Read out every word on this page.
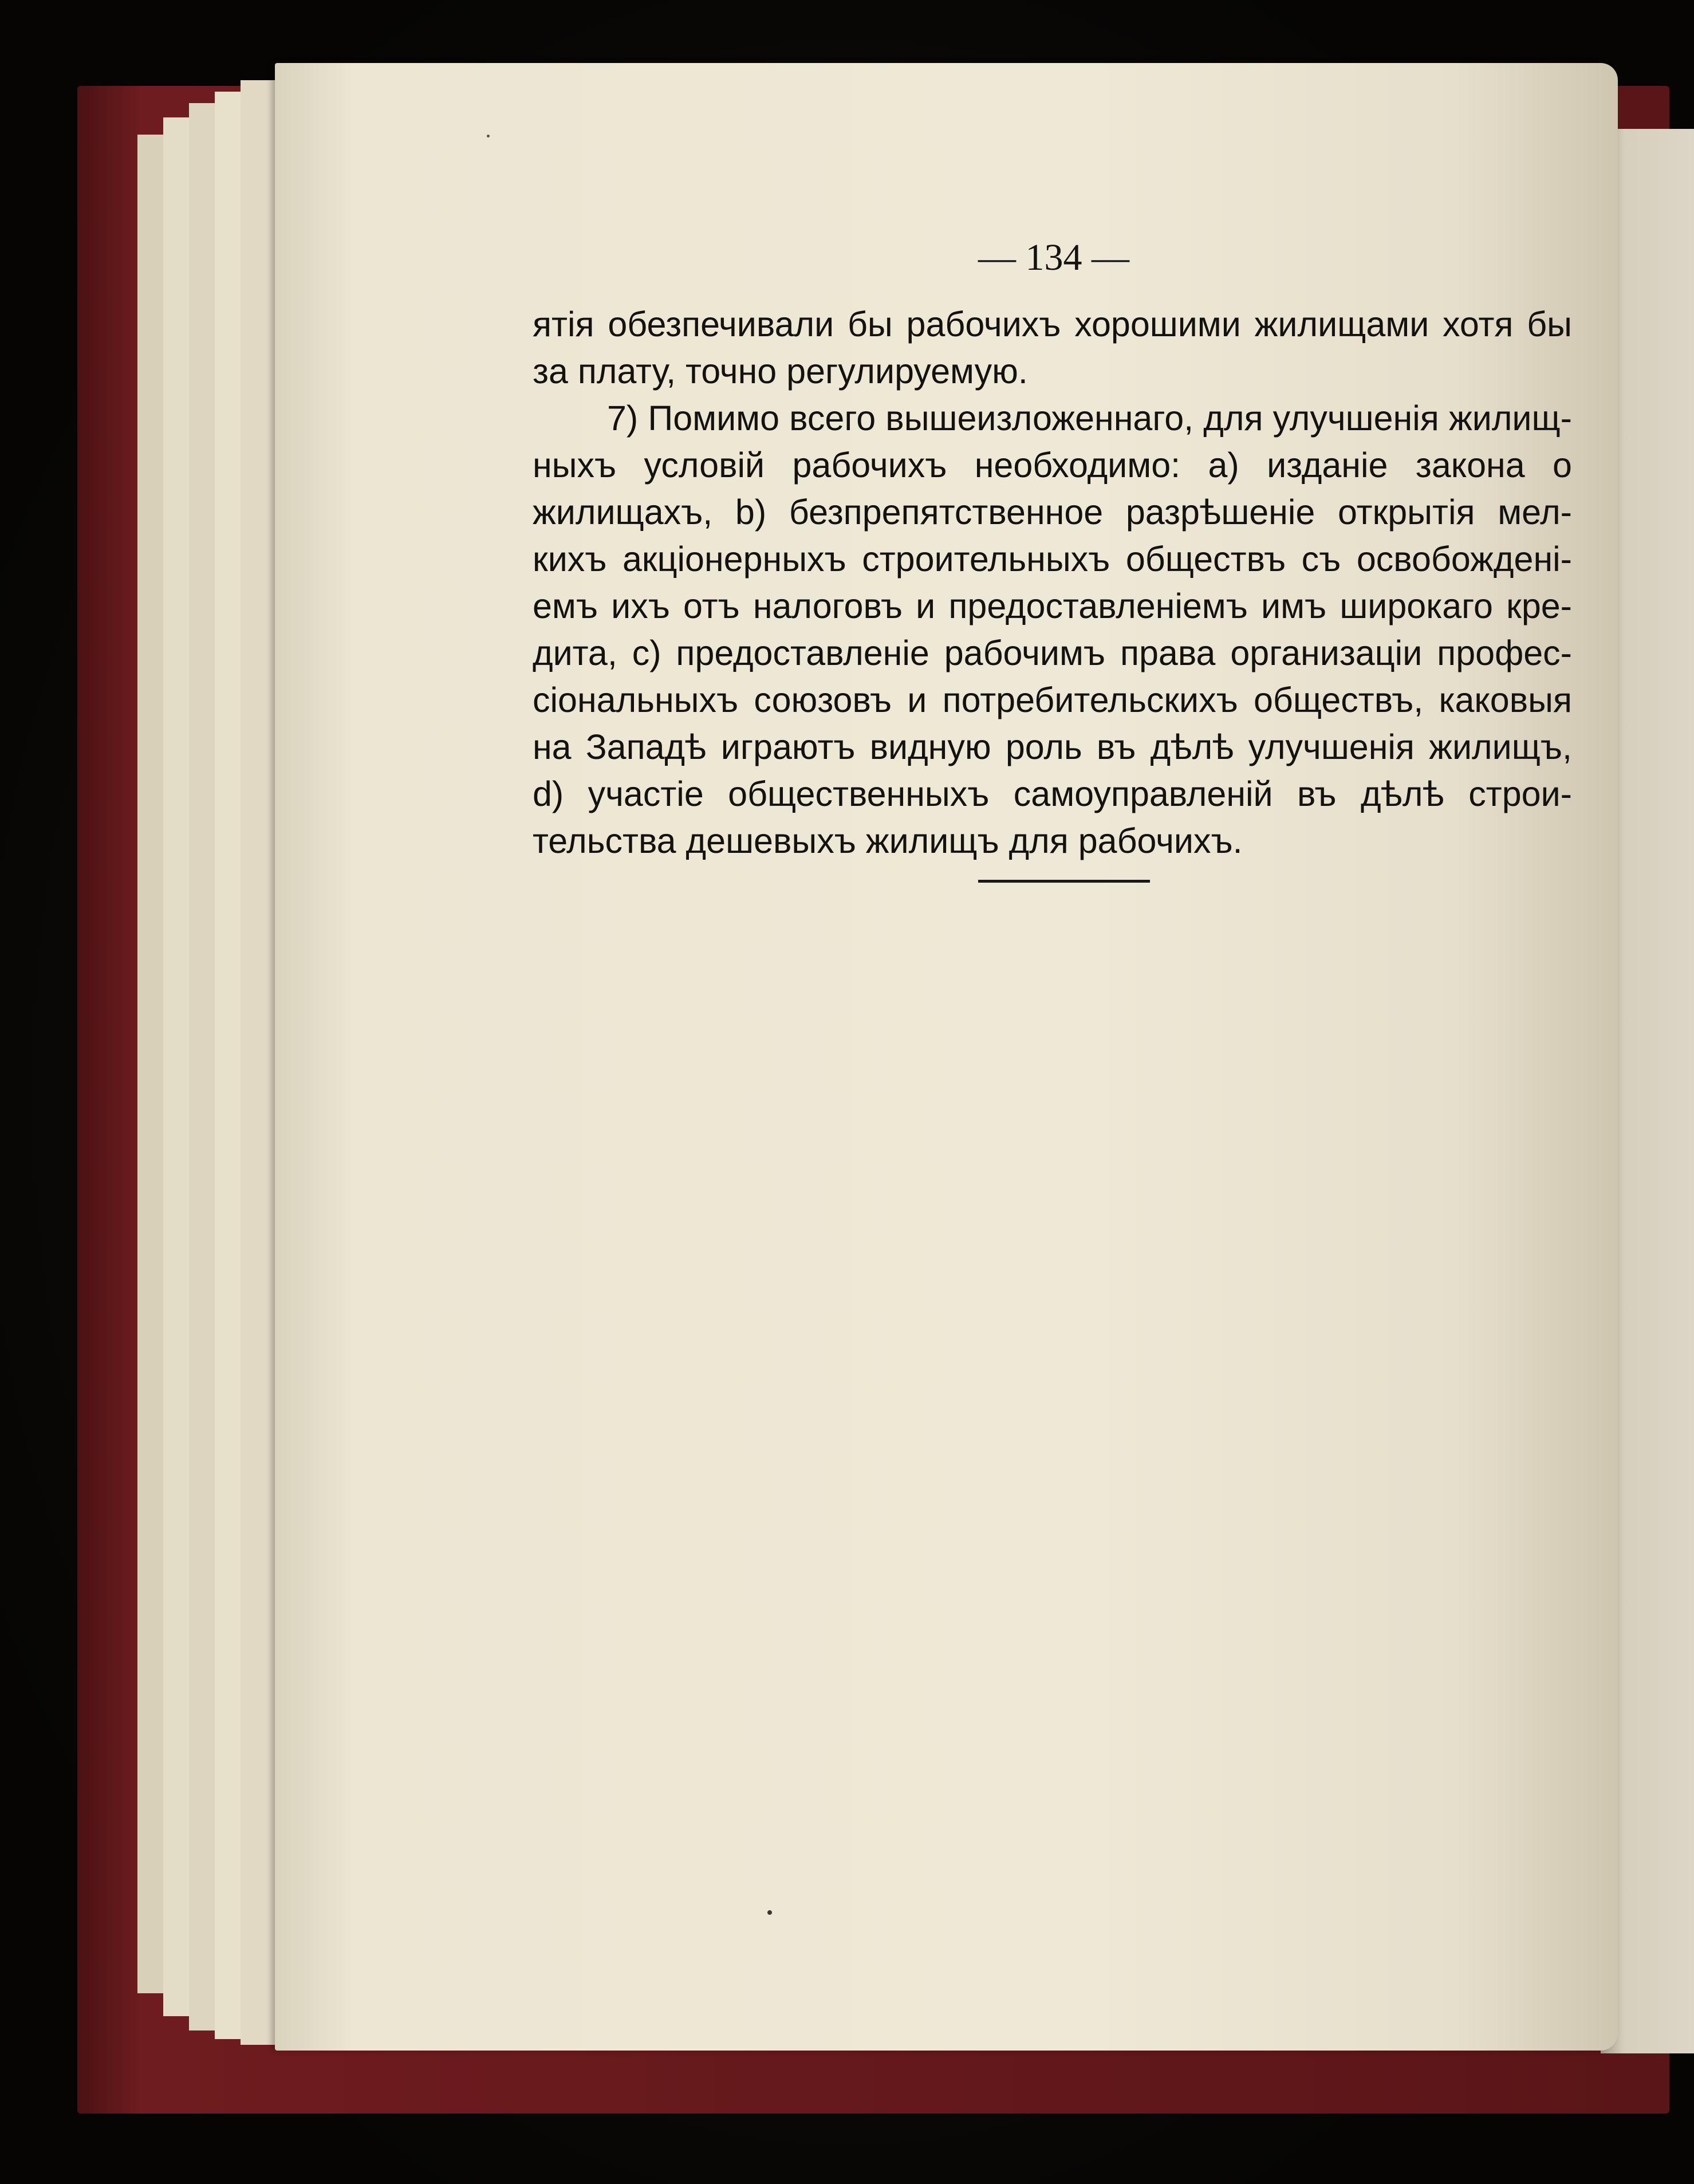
— 134 —
ятія обезпечивали бы рабочихъ хорошими жилищами хотя бы
за плату, точно регулируемую.
7) Помимо всего вышеизложеннаго, для улучшенія жилищ-
ныхъ условій рабочихъ необходимо: a) изданіе закона о
жилищахъ, b) безпрепятственное разрѣшеніе открытія мел-
кихъ акціонерныхъ строительныхъ обществъ съ освобожденi-
емъ ихъ отъ налоговъ и предоставленiемъ имъ широкаго кре-
дита, c) предоставленіе рабочимъ права организаціи профес-
сіональныхъ союзовъ и потребительскихъ обществъ, каковыя
на Западѣ играютъ видную роль въ дѣлѣ улучшенія жилищъ,
d) участіе общественныхъ самоуправленій въ дѣлѣ строи-
тельства дешевыхъ жилищъ для рабочихъ.
